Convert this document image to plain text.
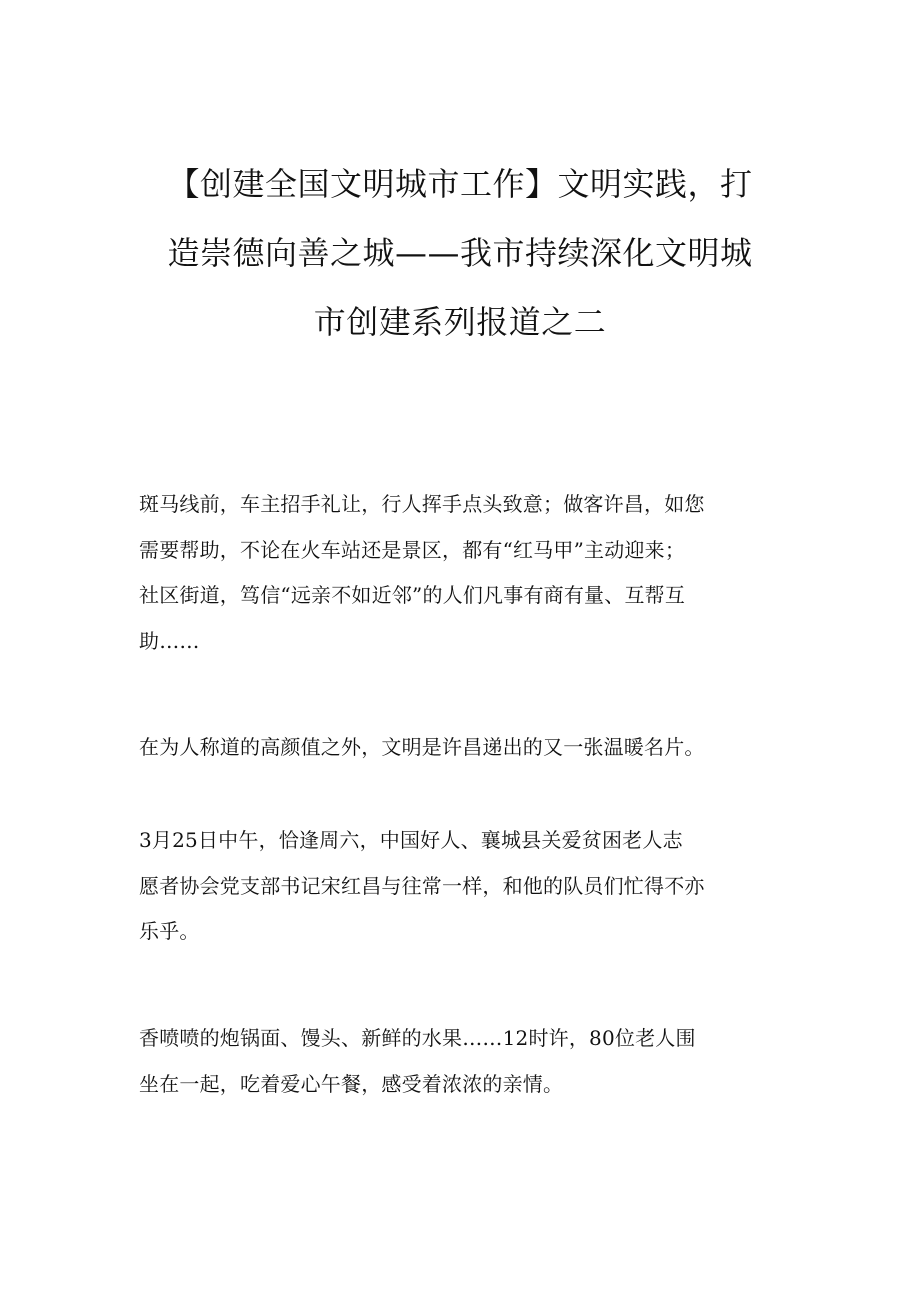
【创建全国文明城市工作】文明实践，打
造崇德向善之城——我市持续深化文明城
市创建系列报道之二

斑马线前，车主招手礼让，行人挥手点头致意；做客许昌，如您
需要帮助，不论在火车站还是景区，都有“红马甲”主动迎来；
社区街道，笃信“远亲不如近邻”的人们凡事有商有量、互帮互
助……

在为人称道的高颜值之外，文明是许昌递出的又一张温暖名片。

3月25日中午，恰逢周六，中国好人、襄城县关爱贫困老人志
愿者协会党支部书记宋红昌与往常一样，和他的队员们忙得不亦
乐乎。

香喷喷的炮锅面、馒头、新鲜的水果……12时许，80位老人围
坐在一起，吃着爱心午餐，感受着浓浓的亲情。
